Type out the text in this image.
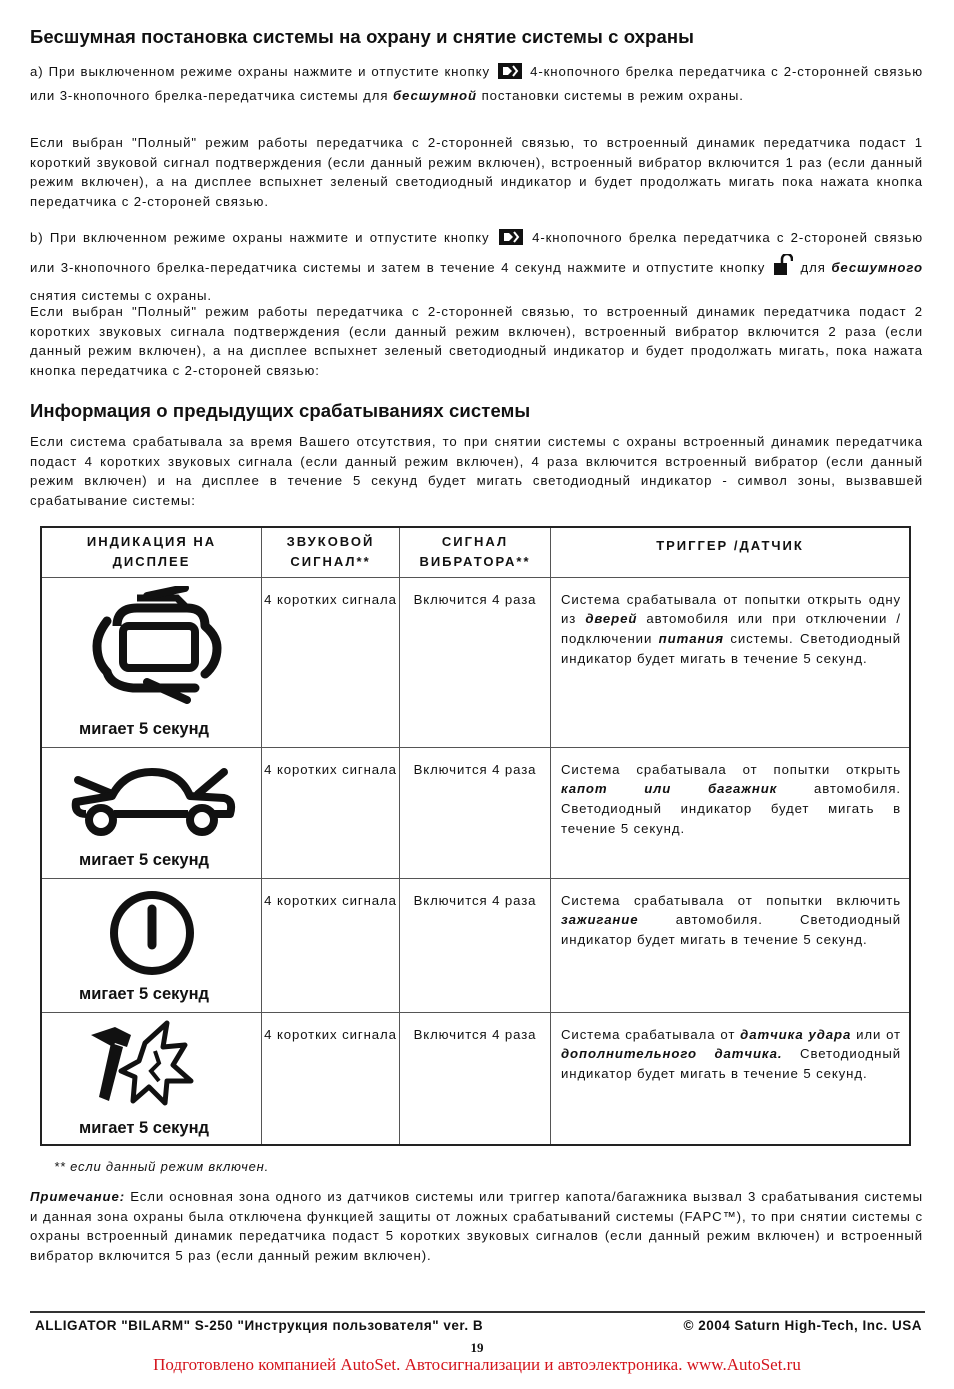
Бесшумная постановка системы на охрану и снятие системы с охраны

а) При выключенном режиме охраны нажмите и отпустите кнопку	4-кнопочного брелка передатчика с 2-сторонней связью или 3-кнопочного брелка-передатчика системы для бесшумной постановки системы в режим охраны.

Если выбран "Полный" режим работы передатчика с 2-сторонней связью, то встроенный динамик передатчика подаст 1 короткий звуковой сигнал подтверждения (если данный режим включен), встроенный вибратор включится 1 раз (если данный режим включен), а на дисплее вспыхнет зеленый светодиодный индикатор и будет продолжать мигать пока нажата кнопка передатчика с 2-стороней связью.

b) При включенном режиме охраны нажмите и отпустите кнопку	4-кнопочного брелка передатчика с 2-стороней связью или 3-кнопочного брелка-передатчика системы и затем в течение 4 секунд нажмите и отпустите кнопку	для бесшумного снятия системы с охраны.

Если выбран "Полный" режим работы передатчика с 2-сторонней связью, то встроенный динамик передатчика подаст 2 коротких звуковых сигнала подтверждения (если данный режим включен), встроенный вибратор включится 2 раза (если данный режим включен), а на дисплее вспыхнет зеленый светодиодный индикатор и будет продолжать мигать, пока нажата кнопка передатчика с 2-стороней связью:

Информация о предыдущих срабатываниях системы

Если система срабатывала за время Вашего отсутствия, то при снятии системы с охраны встроенный динамик передатчика подаст 4 коротких звуковых сигнала (если данный режим включен), 4 раза включится встроенный вибратор (если данный режим включен) и на дисплее в течение 5 секунд будет мигать светодиодный индикатор - символ зоны, вызвавшей срабатывание системы:

ИНДИКАЦИЯ НА ДИСПЛЕЕ	ЗВУКОВОЙ СИГНАЛ**	СИГНАЛ ВИБРАТОРА**	ТРИГГЕР /ДАТЧИК

мигает 5 секунд	4 коротких сигнала	Включится 4 раза	Система срабатывала от попытки открыть одну из дверей автомобиля или при отключении / подключении питания системы. Светодиодный индикатор будет мигать в течение 5 секунд.

мигает 5 секунд	4 коротких сигнала	Включится 4 раза	Система срабатывала от попытки открыть капот или багажник автомобиля. Светодиодный индикатор будет мигать в течение 5 секунд.

мигает 5 секунд	4 коротких сигнала	Включится 4 раза	Система срабатывала от попытки включить зажигание автомобиля. Светодиодный индикатор будет мигать в течение 5 секунд.

мигает 5 секунд	4 коротких сигнала	Включится 4 раза	Система срабатывала от датчика удара или от дополнительного датчика. Светодиодный индикатор будет мигать в течение 5 секунд.
** если данный режим включен.

Примечание: Если основная зона одного из датчиков системы или триггер капота/багажника вызвал 3 срабатывания системы и данная зона охраны была отключена функцией защиты от ложных срабатываний системы (FAPC™), то при снятии системы с охраны встроенный динамик передатчика подаст 5 коротких звуковых сигналов (если данный режим включен) и встроенный вибратор включится 5 раз (если данный режим включен).

ALLIGATOR "BILARM" S-250 "Инструкция пользователя" ver. B	© 2004 Saturn High-Tech, Inc. USA
19
Подготовлено компанией AutoSet. Автосигнализации и автоэлектроника. www.AutoSet.ru
